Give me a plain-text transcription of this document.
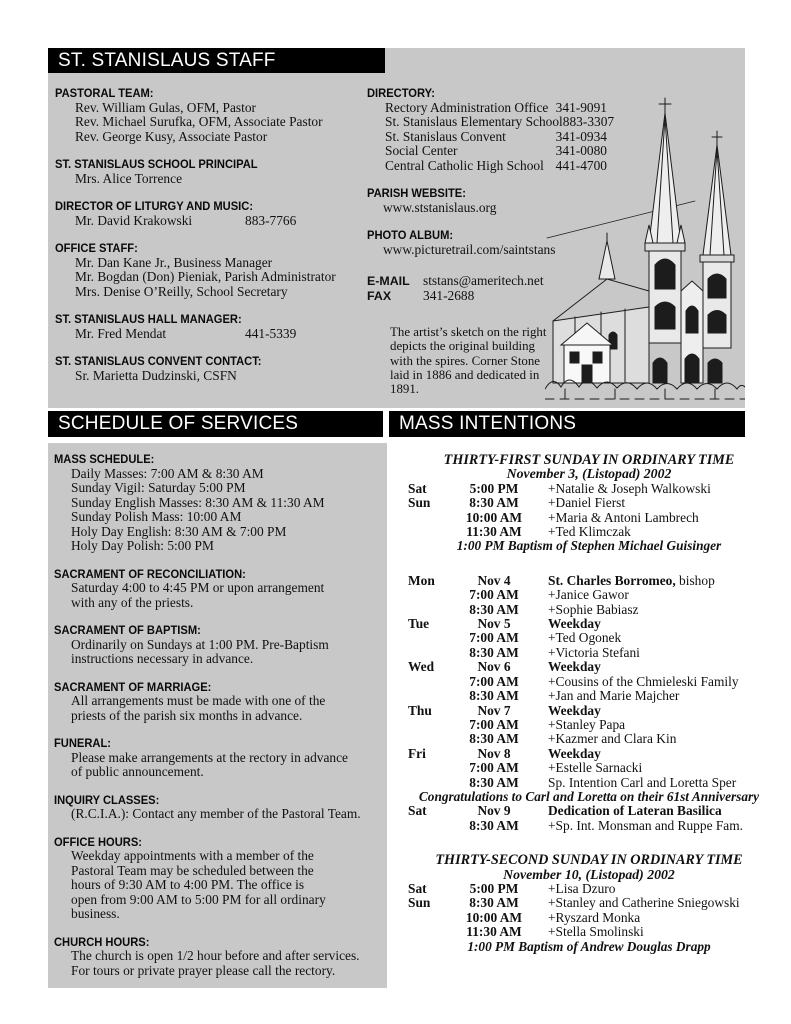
PASTORAL TEAM:
Rev. William Gulas, OFM, Pastor
Rev. Michael Surufka, OFM, Associate Pastor
Rev. George Kusy, Associate Pastor
ST. STANISLAUS SCHOOL PRINCIPAL
Mrs. Alice Torrence
DIRECTOR OF LITURGY AND MUSIC:
Mr. David Krakowski	883-7766
OFFICE STAFF:
Mr. Dan Kane Jr., Business Manager
Mr. Bogdan (Don) Pieniak, Parish Administrator
Mrs. Denise O’Reilly, School Secretary
ST. STANISLAUS HALL MANAGER:
Mr. Fred Mendat	441-5339
ST. STANISLAUS CONVENT CONTACT:
Sr. Marietta Dudzinski, CSFN
DIRECTORY:
Rectory Administration Office 341-9091
St. Stanislaus Elementary School 883-3307
St. Stanislaus Convent	341-0934
Social Center	341-0080
Central Catholic High School 441-4700
PARISH WEBSITE:
www.ststanislaus.org
PHOTO ALBUM:
www.picturetrail.com/saintstans
E-MAIL ststans@ameritech.net
FAX	341-2688
The artist’s sketch on the right
depicts the original building
with the spires. Corner Stone
laid in 1886 and dedicated in
1891.
ST. STANISLAUS STAFF
SCHEDULE OF SERVICES	MASS INTENTIONS
MASS SCHEDULE:
Daily Masses: 7:00 AM & 8:30 AM
Sunday Vigil: Saturday 5:00 PM
Sunday English Masses: 8:30 AM & 11:30 AM
Sunday Polish Mass: 10:00 AM
Holy Day English: 8:30 AM & 7:00 PM
Holy Day Polish: 5:00 PM
SACRAMENT OF RECONCILIATION:
Saturday 4:00 to 4:45 PM or upon arrangement
with any of the priests.
SACRAMENT OF BAPTISM:
Ordinarily on Sundays at 1:00 PM. Pre-Baptism
instructions necessary in advance.
SACRAMENT OF MARRIAGE:
All arrangements must be made with one of the
priests of the parish six months in advance.
FUNERAL:
Please make arrangements at the rectory in advance
of public announcement.
INQUIRY CLASSES:
(R.C.I.A.): Contact any member of the Pastoral Team.
OFFICE HOURS:
Weekday appointments with a member of the
Pastoral Team may be scheduled between the
hours of 9:30 AM to 4:00 PM. The office is
open from 9:00 AM to 5:00 PM for all ordinary
business.
CHURCH HOURS:
The church is open 1/2 hour before and after services.
For tours or private prayer please call the rectory.
THIRTY-FIRST SUNDAY IN ORDINARY TIME
November 3, (Listopad) 2002
Sat	5:00 PM	+Natalie & Joseph Walkowski
Sun	8:30 AM	+Daniel Fierst
10:00 AM	+Maria & Antoni Lambrech
11:30 AM	+Ted Klimczak
1:00 PM Baptism of Stephen Michael Guisinger
Mon	Nov 4	St. Charles Borromeo, bishop
7:00 AM	+Janice Gawor
8:30 AM	+Sophie Babiasz
Tue	Nov 5	Weekday
7:00 AM	+Ted Ogonek
8:30 AM	+Victoria Stefani
Wed	Nov 6	Weekday
7:00 AM	+Cousins of the Chmieleski Family
8:30 AM	+Jan and Marie Majcher
Thu	Nov 7	Weekday
7:00 AM	+Stanley Papa
8:30 AM	+Kazmer and Clara Kin
Fri	Nov 8	Weekday
7:00 AM	+Estelle Sarnacki
8:30 AM	Sp. Intention Carl and Loretta Sper
Congratulations to Carl and Loretta on their 61st Anniversary
Sat	Nov 9	Dedication of Lateran Basilica
8:30 AM	+Sp. Int. Monsman and Ruppe Fam.
THIRTY-SECOND SUNDAY IN ORDINARY TIME
November 10, (Listopad) 2002
Sat	5:00 PM	+Lisa Dzuro
Sun	8:30 AM	+Stanley and Catherine Sniegowski
10:00 AM	+Ryszard Monka
11:30 AM	+Stella Smolinski
1:00 PM Baptism of Andrew Douglas Drapp
